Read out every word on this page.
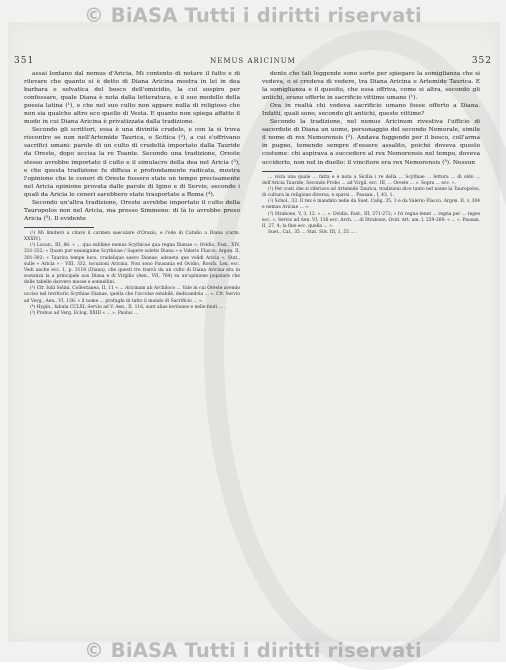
© BiASA Tutti i diritti riservati
351	NEMUS ARICINUM	352

assai lontano dal nemus d'Aricia. Mi contento di notare il fatto e di rilevare che quanto si è detto di Diana Aricina mostra in lei in dea barbara e selvatica del bosco dell'omicidio, la cui sospiro per confessare, quale Diana è nota dalla letteratura, e il suo modello della poesia latina (¹), e che nel suo culto non appare nulla di religioso che non sia qualche altro eco quello di Vesta. E quanto non spiega affatto il modo in cui Diana Aricina è privatizzata dalla tradizione.

Secondo gli scrittori, essa è una divinità crudele, e con la si trova riscontro se non nell'Artemide Taurica, o Scitica (²), a cui s'offrivano sacrifici umani: parole di un culto di crudeltà importato dalla Tauride da Oreste, dopo uccisa la re Toante. Secondo una tradizione, Oreste stesso avrebbe importato il culto e il simulacro della dea nel Aricia (³), e che questa tradizione fu diffusa e profondamente radicata, mostra l'opinione che le ceneri di Oreste fossero state un tempo precisamente nel Aricia opinione provata dalle parole di Igino e di Servio, secondo i quali da Aricia le ceneri sarebbero state trasportate a Roma (⁴).

Secondo un'altra tradizione, Oreste avrebbe importato il culto della Tauropolos non nel Aricia, ma presso Simmeno: di là lo avrebbe preso Aricia (⁵). Il evidente

(¹) Mi limiterò a citare il carmen saeculare d'Orazio, e l'ode di Catullo a Diana (carm. XXXIV).

(²) Lucan., III, 86: « ... qua sublime nemus Scythicae qua regna Dianae »; Ovidio, Fast., XIV, 331-332: « Quam pur exsanguine Scythicae / Sapere soletis Diana » e Valerio Flacco, Argon. II, 301-302: « Taurica tempe luco, crudelique saevo Dianae, adsueta que volidi Aricia ». Stat., sulle « Aricia » - VIII, 332, locuzioni Aricina. Non sono Pausania ed Ovidio, Rosch. Lex. ecc. Vedi anche ecc. 1, p. 3118 (Diana), che questi tre trarrà da un culto di Diana Aricina era in sostanza la a principale aus Diana e di Virgilio (Aen., VII, 764) su un'opinione popolare che delle tabelle davvero mosse e sonnellini.

(³) Cfr. Iulii Solini, Collectanea, II, 11 « ... Aricinam ab Archiloco ... Vale in cui Oreste avendo ucciso nel territorio Scythiae Dianae, quella che l'accolse estabilè, dedicandola ... ». Cfr. Servio ad Verg., Aen., VI, 136: « il nome ... profughi di tutto il mondo di Sacrificio ... ».

(⁴) Hygin., fabula CCLXI; Servio ad V. Aen., II, 116, sunt alias lectiones e nelle fonti ... .

(⁵) Probus ad Verg. Eclog. XXIII « ... ». Paulus ...

dente che tali leggende sono sorte per spiegare la somiglianza che si vedeva, o si credeva di vedere, tra Diana Aricina e Artemide Taurica. E la somiglianza e il quesito, che essa offriva, come si altra, secondo gli antichi, erano offerte in sacrificio vittime umane (¹).

Ora in realtà chi vedeva sacrificio umano fosse offerto a Diana. Infatti, quali sono, secondo gli antichi, queste vittime?

Secondo la tradizione, nel nemus Aricinum rivestiva l'ufficio di sacerdote di Diana un uomo, personaggio del secondo Nemorale, simile il nome di rex Nemorensis (²). Andava fuggendo per il bosco, coll'arma in pugno, temendo sempre d'essere assalito, poiché doveva questo costume: chi aspirava a succedere al rex Nemorensis nel tempo, doveva ucciderlo, non nel in duello: il vincitore era rex Nemorensis (³). Nessun

... vista una quale ... fatta e è nota a Sicilia i re della ... Scythiae ... lettura ... di oldo ... dell'Aricia Tauride, Secondo Probo ... ad Virgil. ecc. III, ... Oreste ... ». Sopra ... ecc. ».

(¹) Per costi che si riferisce ad Artemide Taurica, tradizioni dice tanto nel nome la Tauropolos, di cultura in religione diversa, e sparsi ... Pausan., I, 43, 1.

(²) Schol., 33. Il rex è mandato nelle da Suet. Calig. 35, 3 e da Valerio Flacco, Argon. II, v. 304 e nemus Ariciae ... ».

(³) Strabone, V, 3, 12. « ... ». Ovidio, Fast., III, 271-272; « Ivi regna tenet ... regna per ... reges ecc. ». Servio ad Aen. VI, 136 ecc. Arch. ... di Strabone, Ovid. Art. am. I, 259-260: « ... ». Pausan. II, 27, 4; la fine ecc. quella ... ».

Suet., Cal., 35 ... Stat. Silv. III, 1, 55 ... .

© BiASA Tutti i diritti riservati
